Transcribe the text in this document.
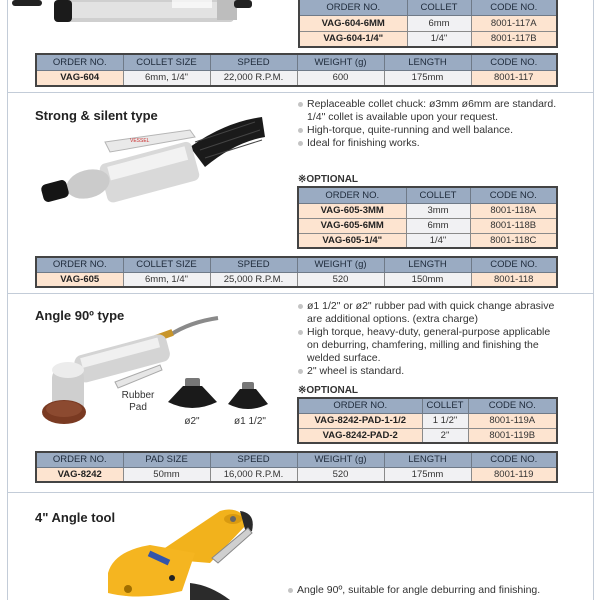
ORDER NO.	COLLET	CODE NO.
VAG-604-6MM	6mm	8001-117A
VAG-604-1/4"	1/4"	8001-117B
ORDER NO.	COLLET SIZE	SPEED	WEIGHT (g)	LENGTH	CODE NO.
VAG-604	6mm, 1/4"	22,000 R.P.M.	600	175mm	8001-117
Strong & silent type
VESSEL
Replaceable collet chuck: ø3mm ø6mm are standard. 1/4" collet is available upon your request.
High-torque, quite-running and well balance.
Ideal for finishing works.
※OPTIONAL
ORDER NO.	COLLET	CODE NO.
VAG-605-3MM	3mm	8001-118A
VAG-605-6MM	6mm	8001-118B
VAG-605-1/4"	1/4"	8001-118C
ORDER NO.	COLLET SIZE	SPEED	WEIGHT (g)	LENGTH	CODE NO.
VAG-605	6mm, 1/4"	25,000 R.P.M.	520	150mm	8001-118
Angle 90º type
Rubber Pad
ø2"	ø1 1/2"
ø1 1/2" or ø2" rubber pad with quick change abrasive are additional options. (extra charge)
High torque, heavy-duty, general-purpose applicable on deburring, chamfering, milling and finishing the welded surface.
2" wheel is standard.
※OPTIONAL
ORDER NO.	COLLET	CODE NO.
VAG-8242-PAD-1-1/2	1 1/2"	8001-119A
VAG-8242-PAD-2	2"	8001-119B
ORDER NO.	PAD SIZE	SPEED	WEIGHT (g)	LENGTH	CODE NO.
VAG-8242	50mm	16,000 R.P.M.	520	175mm	8001-119
4" Angle tool
Angle 90º, suitable for angle deburring and finishing.
